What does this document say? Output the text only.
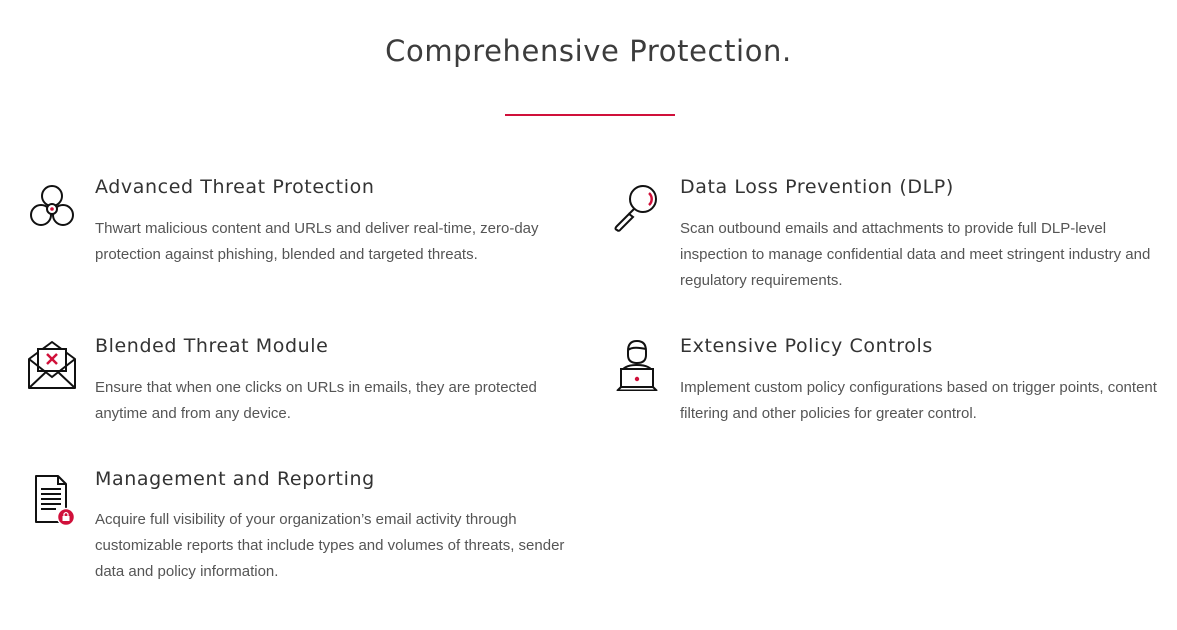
Comprehensive Protection.
Advanced Threat Protection
Thwart malicious content and URLs and deliver real-time, zero-day protection against phishing, blended and targeted threats.
Data Loss Prevention (DLP)
Scan outbound emails and attachments to provide full DLP-level inspection to manage confidential data and meet stringent industry and regulatory requirements.
Blended Threat Module
Ensure that when one clicks on URLs in emails, they are protected anytime and from any device.
Extensive Policy Controls
Implement custom policy configurations based on trigger points, content filtering and other policies for greater control.
Management and Reporting
Acquire full visibility of your organization’s email activity through customizable reports that include types and volumes of threats, sender data and policy information.
